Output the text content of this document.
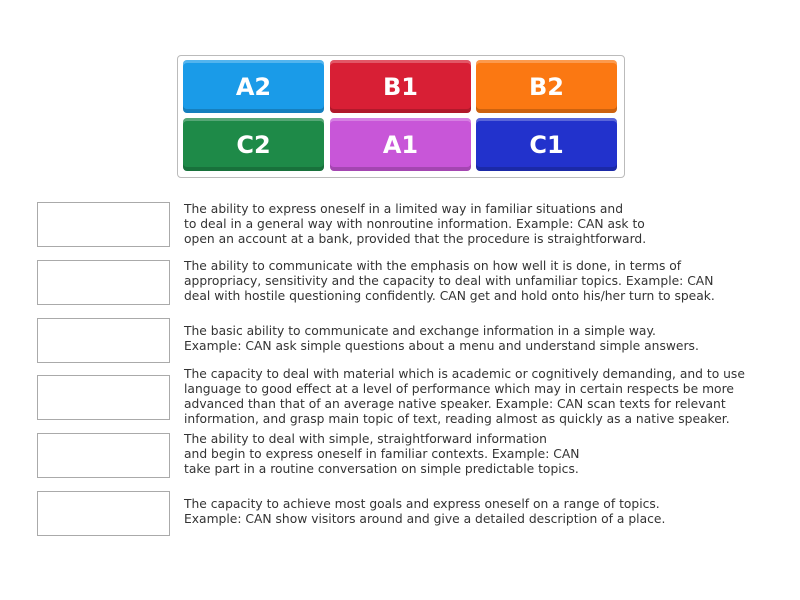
A2	B1	B2
C2	A1	C1
The ability to express oneself in a limited way in familiar situations and
to deal in a general way with nonroutine information. Example: CAN ask to
open an account at a bank, provided that the procedure is straightforward.
The ability to communicate with the emphasis on how well it is done, in terms of
appropriacy, sensitivity and the capacity to deal with unfamiliar topics. Example: CAN
deal with hostile questioning confidently. CAN get and hold onto his/her turn to speak.
The basic ability to communicate and exchange information in a simple way.
Example: CAN ask simple questions about a menu and understand simple answers.
The capacity to deal with material which is academic or cognitively demanding, and to use
language to good effect at a level of performance which may in certain respects be more
advanced than that of an average native speaker. Example: CAN scan texts for relevant
information, and grasp main topic of text, reading almost as quickly as a native speaker.
The ability to deal with simple, straightforward information
and begin to express oneself in familiar contexts. Example: CAN
take part in a routine conversation on simple predictable topics.
The capacity to achieve most goals and express oneself on a range of topics.
Example: CAN show visitors around and give a detailed description of a place.
